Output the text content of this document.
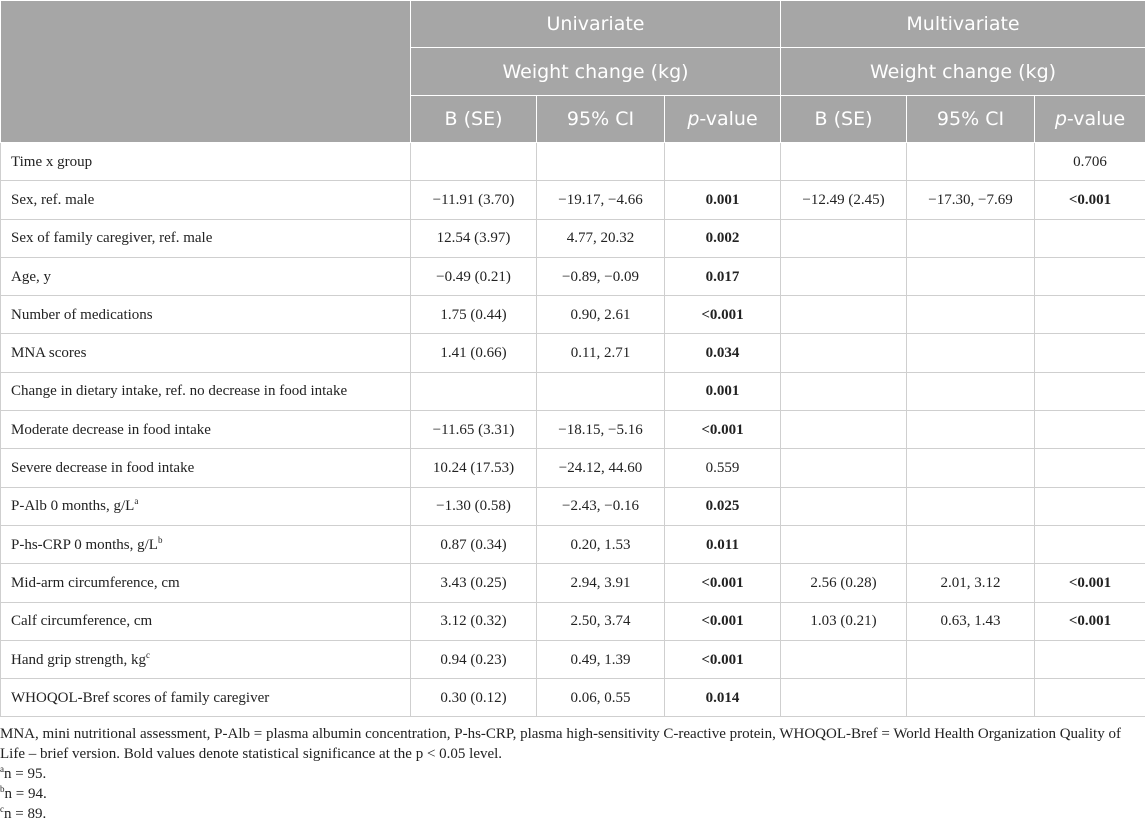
	Univariate			Multivariate		
	Weight change (kg)			Weight change (kg)		
	B (SE)	95% CI	p-value	B (SE)	95% CI	p-value
Time x group						0.706
Sex, ref. male	−11.91 (3.70)	−19.17, −4.66	0.001	−12.49 (2.45)	−17.30, −7.69	<0.001
Sex of family caregiver, ref. male	12.54 (3.97)	4.77, 20.32	0.002			
Age, y	−0.49 (0.21)	−0.89, −0.09	0.017			
Number of medications	1.75 (0.44)	0.90, 2.61	<0.001			
MNA scores	1.41 (0.66)	0.11, 2.71	0.034			
Change in dietary intake, ref. no decrease in food intake			0.001			
Moderate decrease in food intake	−11.65 (3.31)	−18.15, −5.16	<0.001			
Severe decrease in food intake	10.24 (17.53)	−24.12, 44.60	0.559			
P-Alb 0 months, $g/L^a$	−1.30 (0.58)	−2.43, −0.16	0.025			
P-hs-CRP 0 months, $g/L^b$	0.87 (0.34)	0.20, 1.53	0.011			
Mid-arm circumference, cm	3.43 (0.25)	2.94, 3.91	<0.001	2.56 (0.28)	2.01, 3.12	<0.001
Calf circumference, cm	3.12 (0.32)	2.50, 3.74	<0.001	1.03 (0.21)	0.63, 1.43	<0.001
Hand grip strength, $kg^c$	0.94 (0.23)	0.49, 1.39	<0.001			
WHOQOL-Bref scores of family caregiver	0.30 (0.12)	0.06, 0.55	0.014			
MNA, mini nutritional assessment, P-Alb = plasma albumin concentration, P-hs-CRP, plasma high-sensitivity C-reactive protein, WHOQOL-Bref = World Health Organization Quality of Life – brief version. Bold values denote statistical significance at the p < 0.05 level.
$^a$n = 95.
$^b$n = 94.
$^c$n = 89.
